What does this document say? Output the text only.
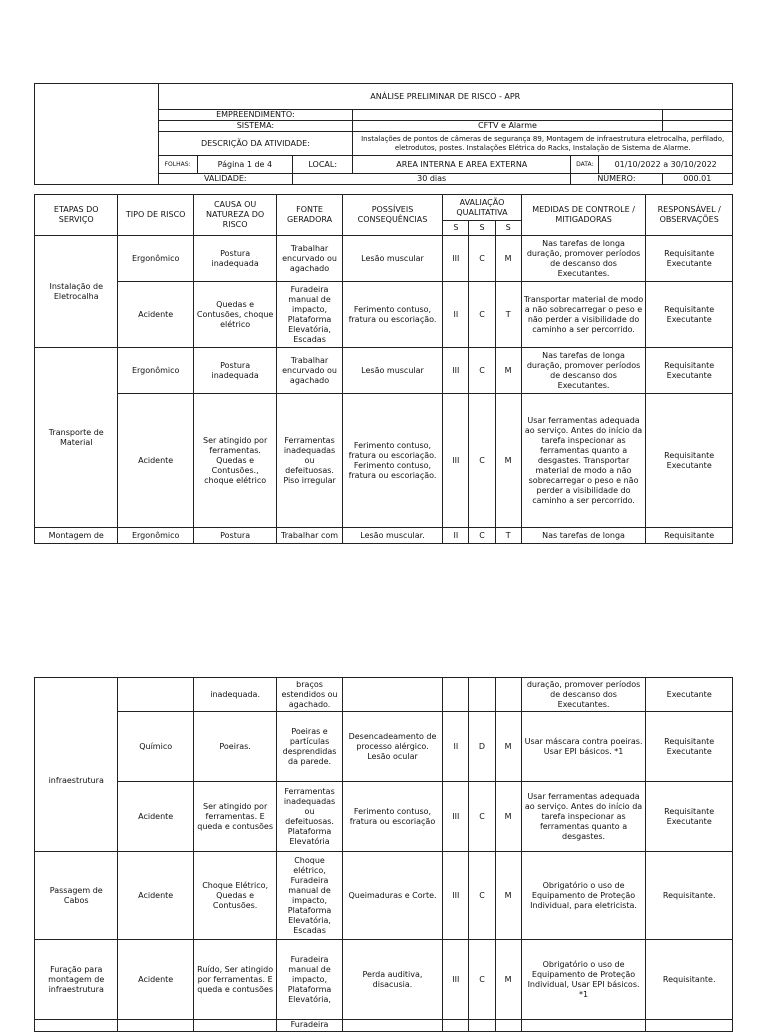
	ANÁLISE PRELIMINAR DE RISCO - APR						
	EMPREENDIMENTO:						
	SISTEMA:			CFTV e Alarme			
	DESCRIÇÃO DA ATIVIDADE:			Instalações de pontos de câmeras de segurança 89, Montagem de infraestrutura eletrocalha, perfilado, eletrodutos, postes. Instalações Elétrica do Racks, Instalação de Sistema de Alarme.			
	FOLHAS:	Página 1 de 4	LOCAL:	AREA INTERNA E AREA EXTERNA	DATA:	01/10/2022 a 30/10/2022	
	VALIDADE:		30 dias		NÚMERO:		000.01
ETAPAS DO SERVIÇO	TIPO DE RISCO	CAUSA OU NATUREZA DO RISCO	FONTE GERADORA	POSSÍVEIS CONSEQUÊNCIAS	AVALIAÇÃO QUALITATIVA			MEDIDAS DE CONTROLE / MITIGADORAS	RESPONSÁVEL / OBSERVAÇÕES
					S	S	S		
Instalação de Eletrocalha	Ergonômico	Postura inadequada	Trabalhar encurvado ou agachado	Lesão muscular	III	C	M	Nas tarefas de longa duração, promover períodos de descanso dos Executantes.	Requisitante Executante
	Acidente	Quedas e Contusões, choque elétrico	Furadeira manual de impacto, Plataforma Elevatória, Escadas	Ferimento contuso, fratura ou escoriação.	II	C	T	Transportar material de modo a não sobrecarregar o peso e não perder a visibilidade do caminho a ser percorrido.	Requisitante Executante
Transporte de Material	Ergonômico	Postura inadequada	Trabalhar encurvado ou agachado	Lesão muscular	III	C	M	Nas tarefas de longa duração, promover períodos de descanso dos Executantes.	Requisitante Executante
	Acidente	Ser atingido por ferramentas. Quedas e Contusões., choque elétrico	Ferramentas inadequadas ou defeituosas. Piso irregular	Ferimento contuso, fratura ou escoriação. Ferimento contuso, fratura ou escoriação.	III	C	M	Usar ferramentas adequada ao serviço. Antes do início da tarefa inspecionar as ferramentas quanto a desgastes. Transportar material de modo a não sobrecarregar o peso e não perder a visibilidade do caminho a ser percorrido.	Requisitante Executante
Montagem de	Ergonômico	Postura	Trabalhar com	Lesão muscular.	II	C	T	Nas tarefas de longa	Requisitante
		inadequada.	braços estendidos ou agachado.					duração, promover períodos de descanso dos Executantes.	Executante
infraestrutura	Químico	Poeiras.	Poeiras e partículas desprendidas da parede.	Desencadeamento de processo alérgico. Lesão ocular	II	D	M	Usar máscara contra poeiras. Usar EPI básicos. *1	Requisitante Executante
	Acidente	Ser atingido por ferramentas. E queda e contusões	Ferramentas inadequadas ou defeituosas. Plataforma Elevatória	Ferimento contuso, fratura ou escoriação	III	C	M	Usar ferramentas adequada ao serviço. Antes do início da tarefa inspecionar as ferramentas quanto a desgastes.	Requisitante Executante
Passagem de Cabos	Acidente	Choque Elétrico, Quedas e Contusões.	Choque elétrico, Furadeira manual de impacto, Plataforma Elevatória, Escadas	Queimaduras e Corte.	III	C	M	Obrigatório o uso de Equipamento de Proteção Individual, para eletricista.	Requisitante.
Furação para montagem de infraestrutura	Acidente	Ruído, Ser atingido por ferramentas. E queda e contusões	Furadeira manual de impacto, Plataforma Elevatória,	Perda auditiva, disacusia.	III	C	M	Obrigatório o uso de Equipamento de Proteção Individual, Usar EPI básicos. *1	Requisitante.
			Furadeira						
